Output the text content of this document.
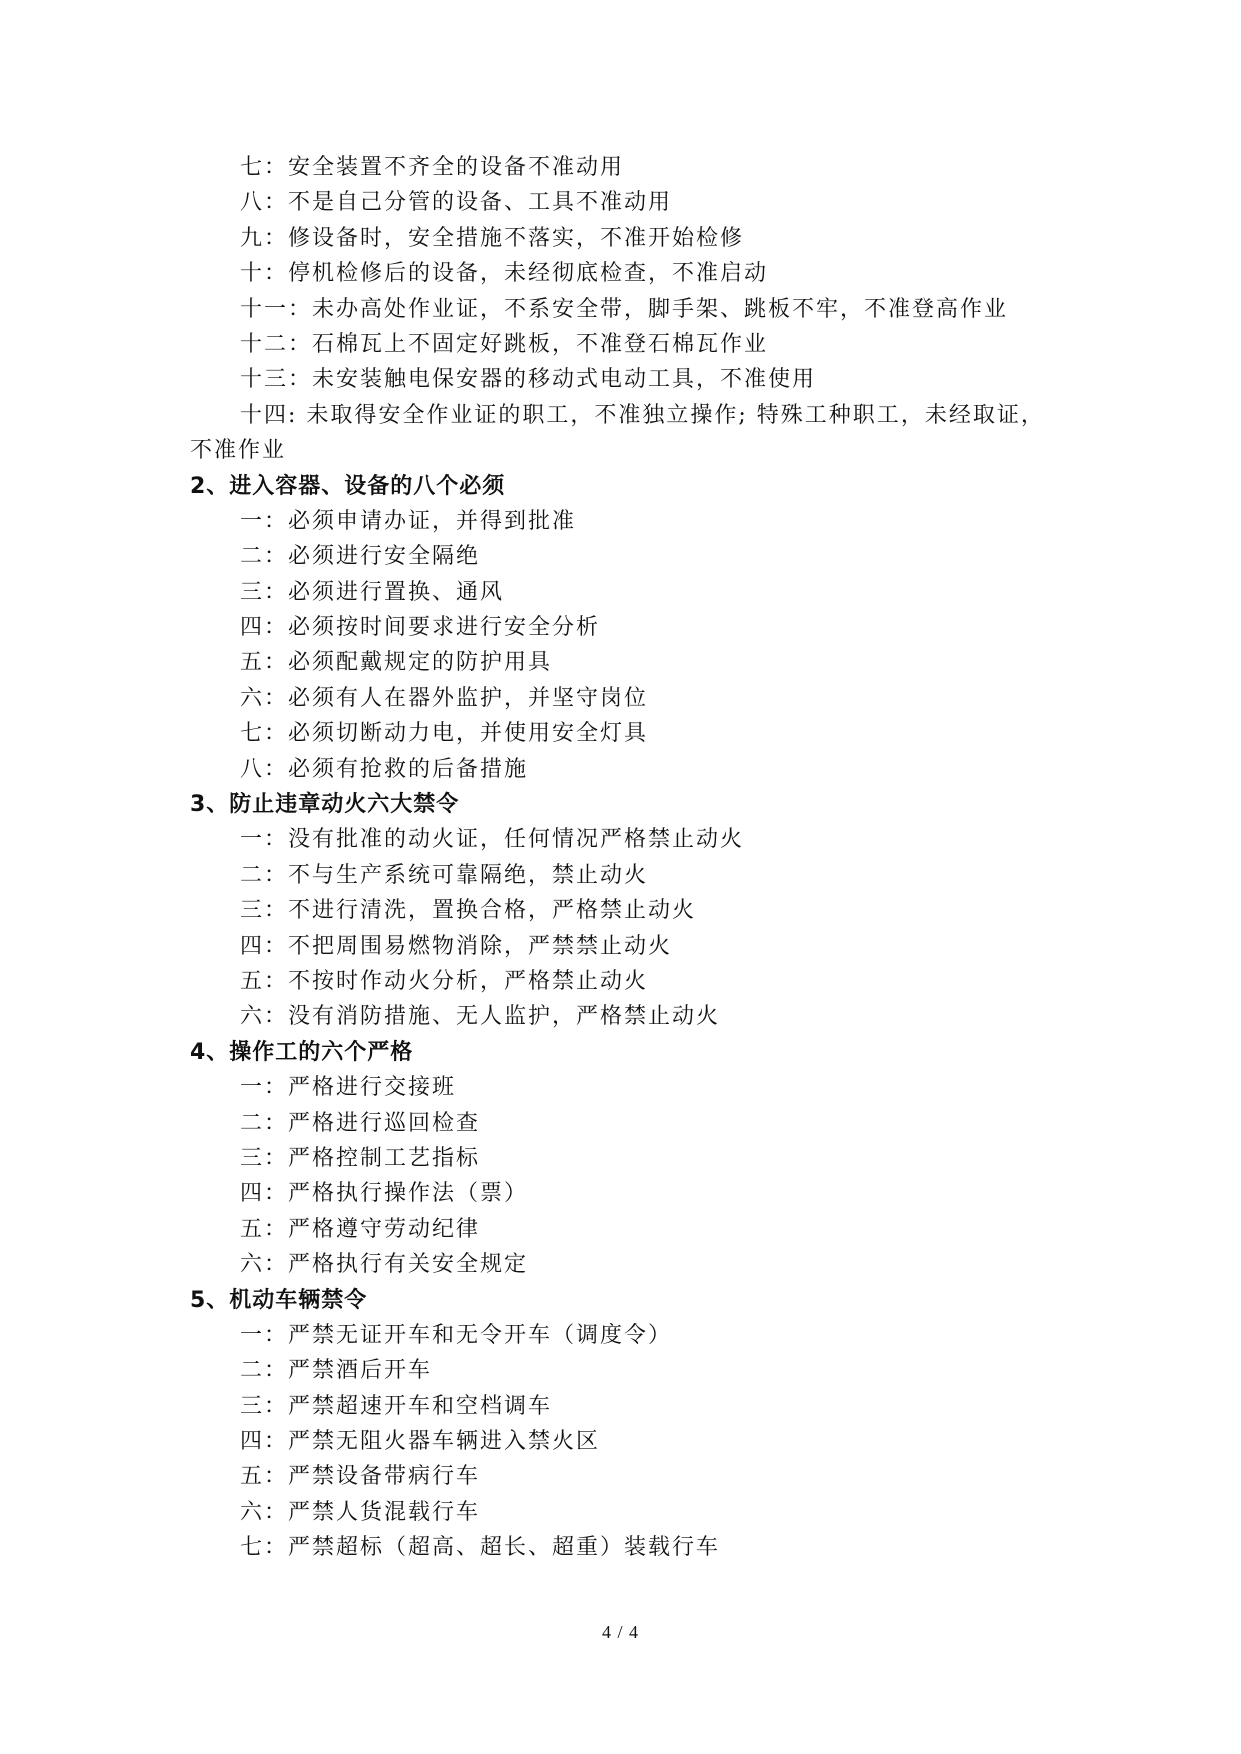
七：安全装置不齐全的设备不准动用
八：不是自己分管的设备、工具不准动用
九：修设备时，安全措施不落实，不准开始检修
十：停机检修后的设备，未经彻底检查，不准启动
十一：未办高处作业证，不系安全带，脚手架、跳板不牢，不准登高作业
十二：石棉瓦上不固定好跳板，不准登石棉瓦作业
十三：未安装触电保安器的移动式电动工具，不准使用
十四: 未取得安全作业证的职工，不准独立操作; 特殊工种职工，未经取证，
不准作业
2、进入容器、设备的八个必须
一：必须申请办证，并得到批准
二：必须进行安全隔绝
三：必须进行置换、通风
四：必须按时间要求进行安全分析
五：必须配戴规定的防护用具
六：必须有人在器外监护，并坚守岗位
七：必须切断动力电，并使用安全灯具
八：必须有抢救的后备措施
3、防止违章动火六大禁令
一：没有批准的动火证，任何情况严格禁止动火
二：不与生产系统可靠隔绝，禁止动火
三：不进行清洗，置换合格，严格禁止动火
四：不把周围易燃物消除，严禁禁止动火
五：不按时作动火分析，严格禁止动火
六：没有消防措施、无人监护，严格禁止动火
4、操作工的六个严格
一：严格进行交接班
二：严格进行巡回检查
三：严格控制工艺指标
四：严格执行操作法（票）
五：严格遵守劳动纪律
六：严格执行有关安全规定
5、机动车辆禁令
一：严禁无证开车和无令开车（调度令）
二：严禁酒后开车
三：严禁超速开车和空档调车
四：严禁无阻火器车辆进入禁火区
五：严禁设备带病行车
六：严禁人货混载行车
七：严禁超标（超高、超长、超重）装载行车
4 / 4
